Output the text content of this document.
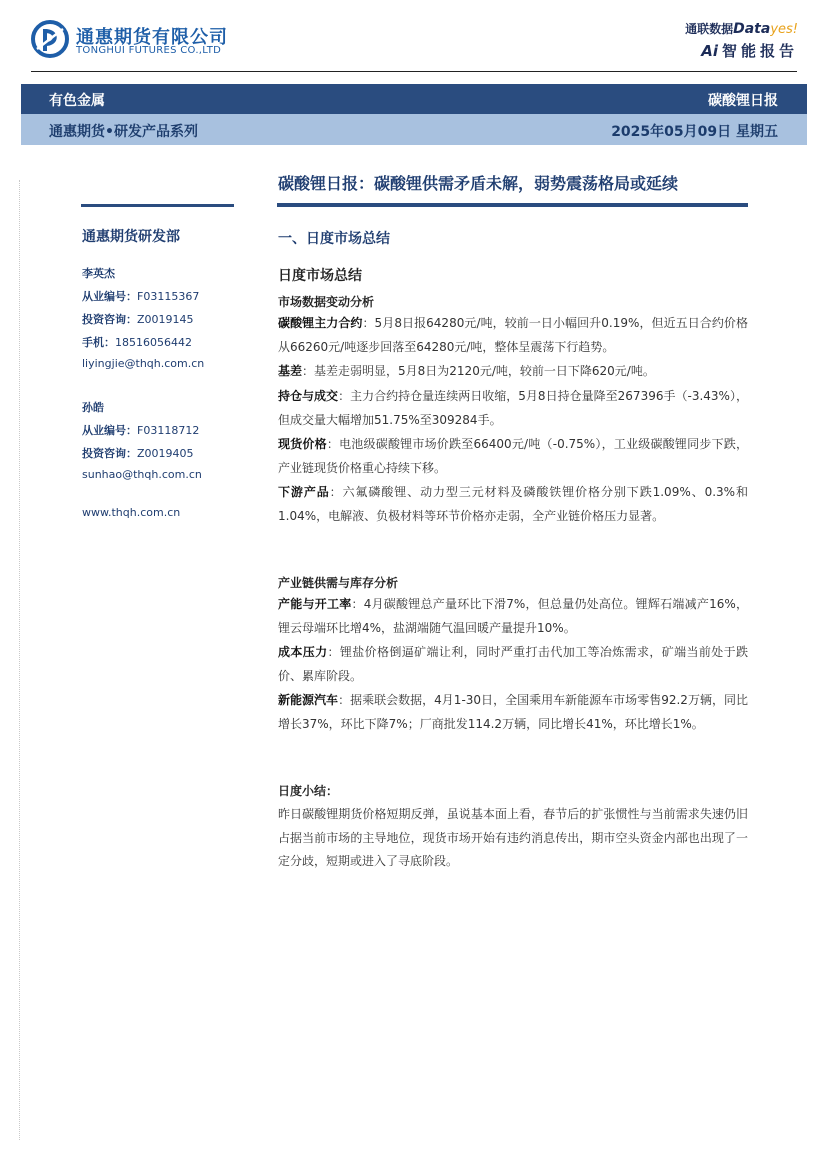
通惠期货有限公司
TONGHUI FUTURES CO.,LTD
通联数据Datayes!
Ai 智能报告
有色金属	碳酸锂日报
通惠期货•研发产品系列	2025年05月09日 星期五
碳酸锂日报：碳酸锂供需矛盾未解，弱势震荡格局或延续
通惠期货研发部
李英杰
从业编号：F03115367
投资咨询：Z0019145
手机：18516056442
liyingjie@thqh.com.cn
孙皓
从业编号：F03118712
投资咨询：Z0019405
sunhao@thqh.com.cn
www.thqh.com.cn
一、日度市场总结
日度市场总结
市场数据变动分析
碳酸锂主力合约：5月8日报64280元/吨，较前一日小幅回升0.19%，但近五日合约价格从66260元/吨逐步回落至64280元/吨，整体呈震荡下行趋势。
基差：基差走弱明显，5月8日为2120元/吨，较前一日下降620元/吨。
持仓与成交：主力合约持仓量连续两日收缩，5月8日持仓量降至267396手（-3.43%），但成交量大幅增加51.75%至309284手。
现货价格：电池级碳酸锂市场价跌至66400元/吨（-0.75%），工业级碳酸锂同步下跌，产业链现货价格重心持续下移。
下游产品：六氟磷酸锂、动力型三元材料及磷酸铁锂价格分别下跌1.09%、0.3%和1.04%，电解液、负极材料等环节价格亦走弱，全产业链价格压力显著。
产业链供需与库存分析
产能与开工率：4月碳酸锂总产量环比下滑7%，但总量仍处高位。锂辉石端减产16%，锂云母端环比增4%，盐湖端随气温回暖产量提升10%。
成本压力：锂盐价格倒逼矿端让利，同时严重打击代加工等冶炼需求，矿端当前处于跌价、累库阶段。
新能源汽车：据乘联会数据，4月1-30日，全国乘用车新能源车市场零售92.2万辆，同比增长37%，环比下降7%；厂商批发114.2万辆，同比增长41%，环比增长1%。
日度小结：
昨日碳酸锂期货价格短期反弹，虽说基本面上看，春节后的扩张惯性与当前需求失速仍旧占据当前市场的主导地位，现货市场开始有违约消息传出，期市空头资金内部也出现了一定分歧，短期或进入了寻底阶段。
